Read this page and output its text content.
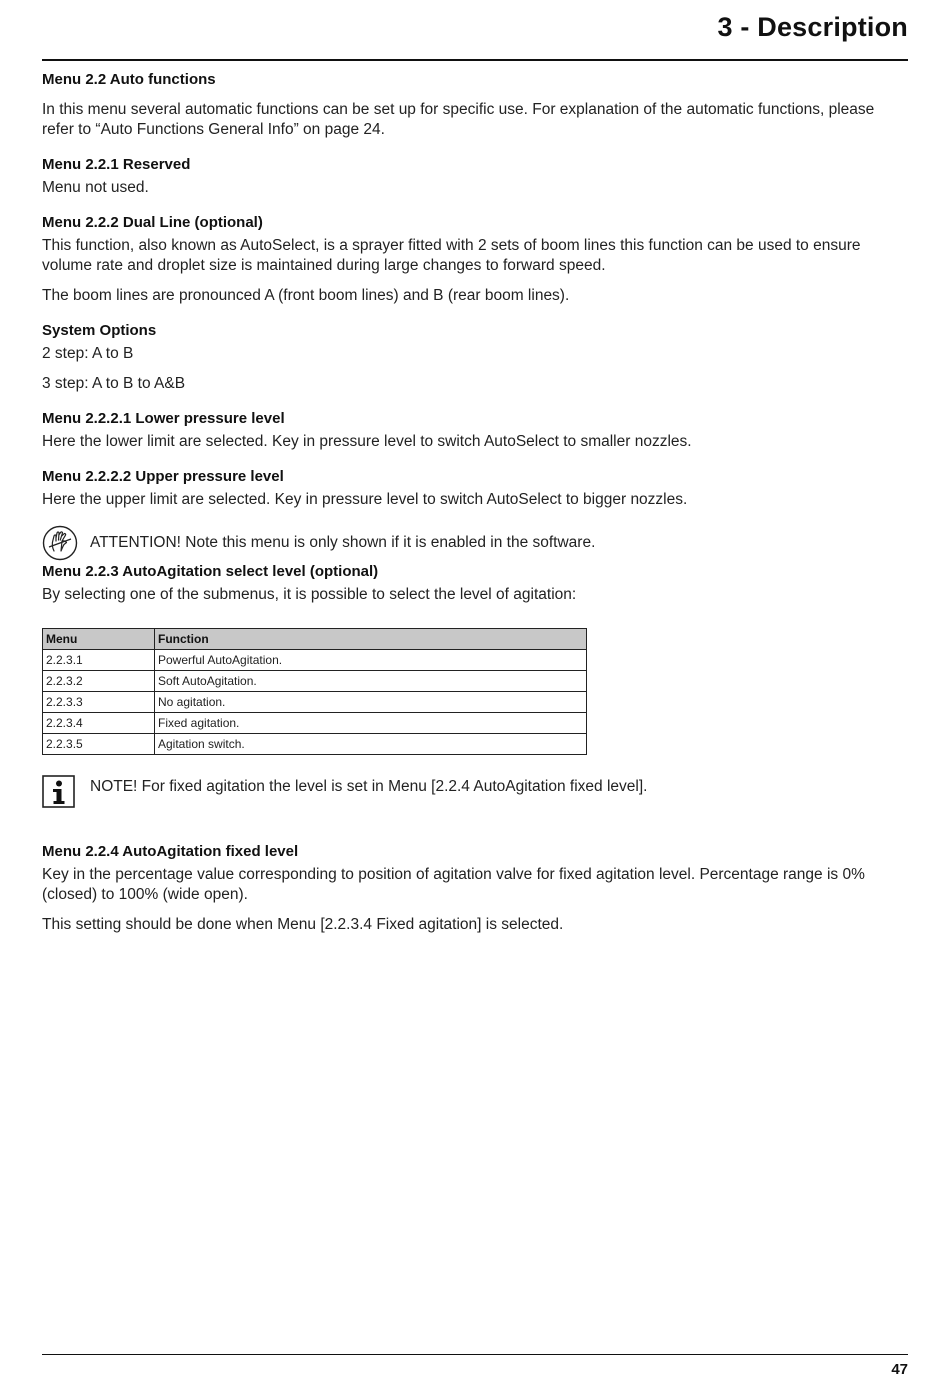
3 - Description
Menu 2.2 Auto functions
In this menu several automatic functions can be set up for specific use. For explanation of the automatic functions, please refer to “Auto Functions General Info” on page 24.
Menu 2.2.1 Reserved
Menu not used.
Menu 2.2.2 Dual Line (optional)
This function, also known as AutoSelect, is a sprayer fitted with 2 sets of boom lines this function can be used to ensure volume rate and droplet size is maintained during large changes to forward speed.
The boom lines are pronounced A (front boom lines) and B (rear boom lines).
System Options
2 step: A to B
3 step: A to B to A&B
Menu 2.2.2.1 Lower pressure level
Here the lower limit are selected. Key in pressure level to switch AutoSelect to smaller nozzles.
Menu 2.2.2.2 Upper pressure level
Here the upper limit are selected. Key in pressure level to switch AutoSelect to bigger nozzles.
ATTENTION! Note this menu is only shown if it is enabled in the software.
Menu 2.2.3 AutoAgitation select level (optional)
By selecting one of the submenus, it is possible to select the level of agitation:
Menu	Function
2.2.3.1	Powerful AutoAgitation.
2.2.3.2	Soft AutoAgitation.
2.2.3.3	No agitation.
2.2.3.4	Fixed agitation.
2.2.3.5	Agitation switch.
NOTE! For fixed agitation the level is set in Menu [2.2.4 AutoAgitation fixed level].
Menu 2.2.4 AutoAgitation fixed level
Key in the percentage value corresponding to position of agitation valve for fixed agitation level. Percentage range is 0% (closed) to 100% (wide open).
This setting should be done when Menu [2.2.3.4 Fixed agitation] is selected.
47
